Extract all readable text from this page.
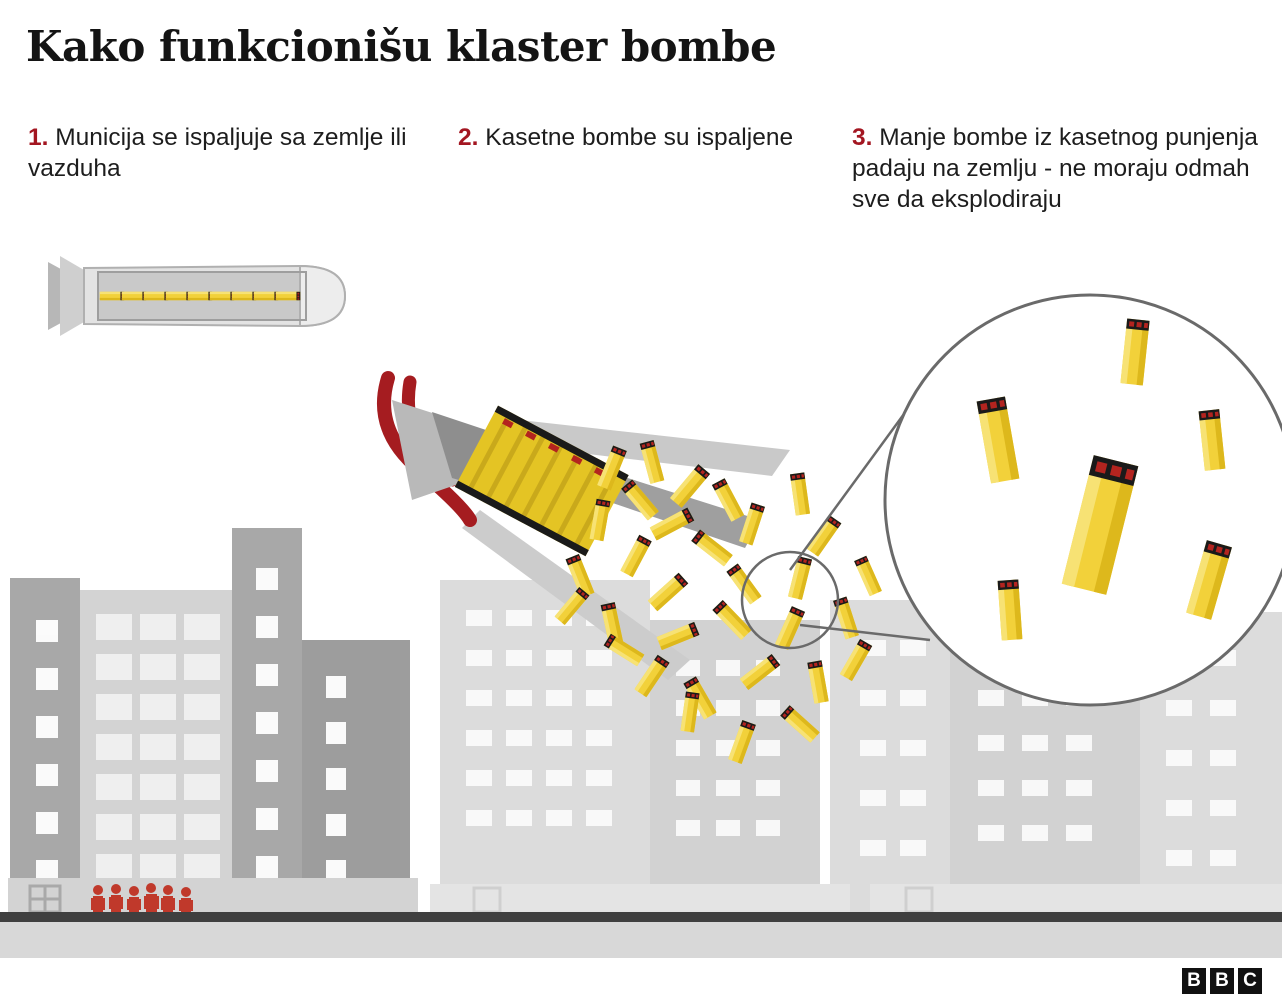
Kako funkcionišu klaster bombe
1. Municija se ispaljuje sa zemlje ili vazduha
2. Kasetne bombe su ispaljene	3. Manje bombe iz kasetnog punjenja padaju na zemlju - ne moraju odmah sve da eksplodiraju
B B C
